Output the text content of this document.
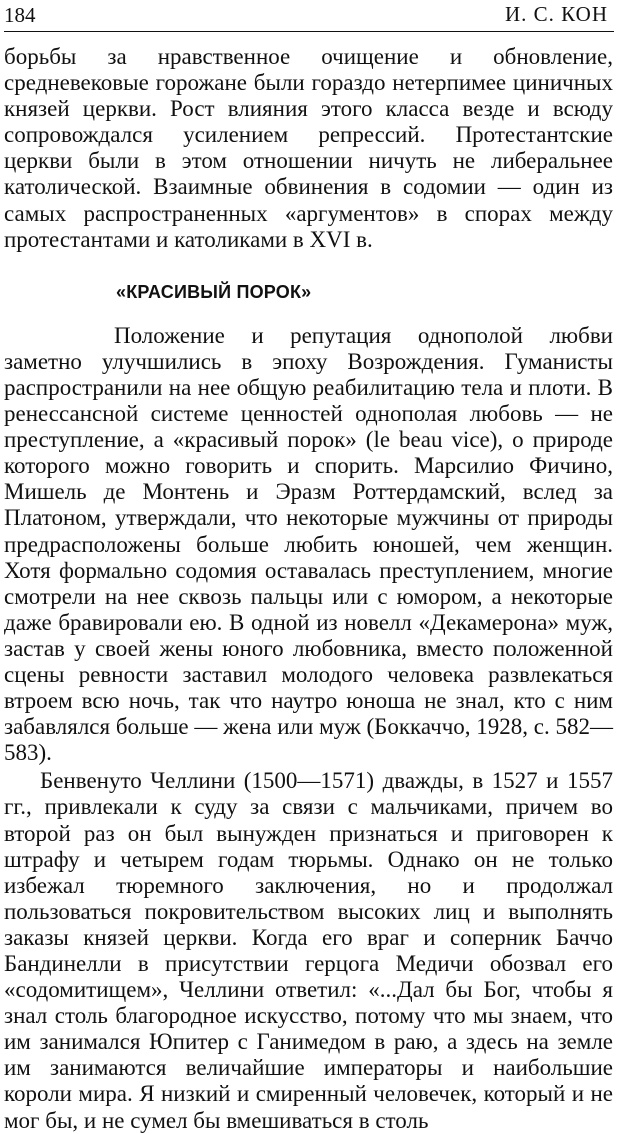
184	И. С. КОН

борьбы за нравственное очищение и обновление, средневековые горожане были гораздо нетерпимее циничных князей церкви. Рост влияния этого класса везде и всюду сопровождался усилением репрессий. Протестантские церкви были в этом отношении ничуть не либеральнее католической. Взаимные обвинения в содомии — один из самых распространенных «аргументов» в спорах между протестантами и католиками в XVI в.

«КРАСИВЫЙ ПОРОК»

Положение и репутация однополой любви заметно улучшились в эпоху Возрождения. Гуманисты распространили на нее общую реабилитацию тела и плоти. В ренессансной системе ценностей однополая любовь — не преступление, а «красивый порок» (le beau vice), о природе которого можно говорить и спорить. Марсилио Фичино, Мишель де Монтень и Эразм Роттердамский, вслед за Платоном, утверждали, что некоторые мужчины от природы предрасположены больше любить юношей, чем женщин. Хотя формально содомия оставалась преступлением, многие смотрели на нее сквозь пальцы или с юмором, а некоторые даже бравировали ею. В одной из новелл «Декамерона» муж, застав у своей жены юного любовника, вместо положенной сцены ревности заставил молодого человека развлекаться втроем всю ночь, так что наутро юноша не знал, кто с ним забавлялся больше — жена или муж (Боккаччо, 1928, с. 582—583).

Бенвенуто Челлини (1500—1571) дважды, в 1527 и 1557 гг., привлекали к суду за связи с мальчиками, причем во второй раз он был вынужден признаться и приговорен к штрафу и четырем годам тюрьмы. Однако он не только избежал тюремного заключения, но и продолжал пользоваться покровительством высоких лиц и выполнять заказы князей церкви. Когда его враг и соперник Баччо Бандинелли в присутствии герцога Медичи обозвал его «содомитищем», Челлини ответил: «...Дал бы Бог, чтобы я знал столь благородное искусство, потому что мы знаем, что им занимался Юпитер с Ганимедом в раю, а здесь на земле им занимаются величайшие императоры и наибольшие короли мира. Я низкий и смиренный человечек, который и не мог бы, и не сумел бы вмешиваться в столь
